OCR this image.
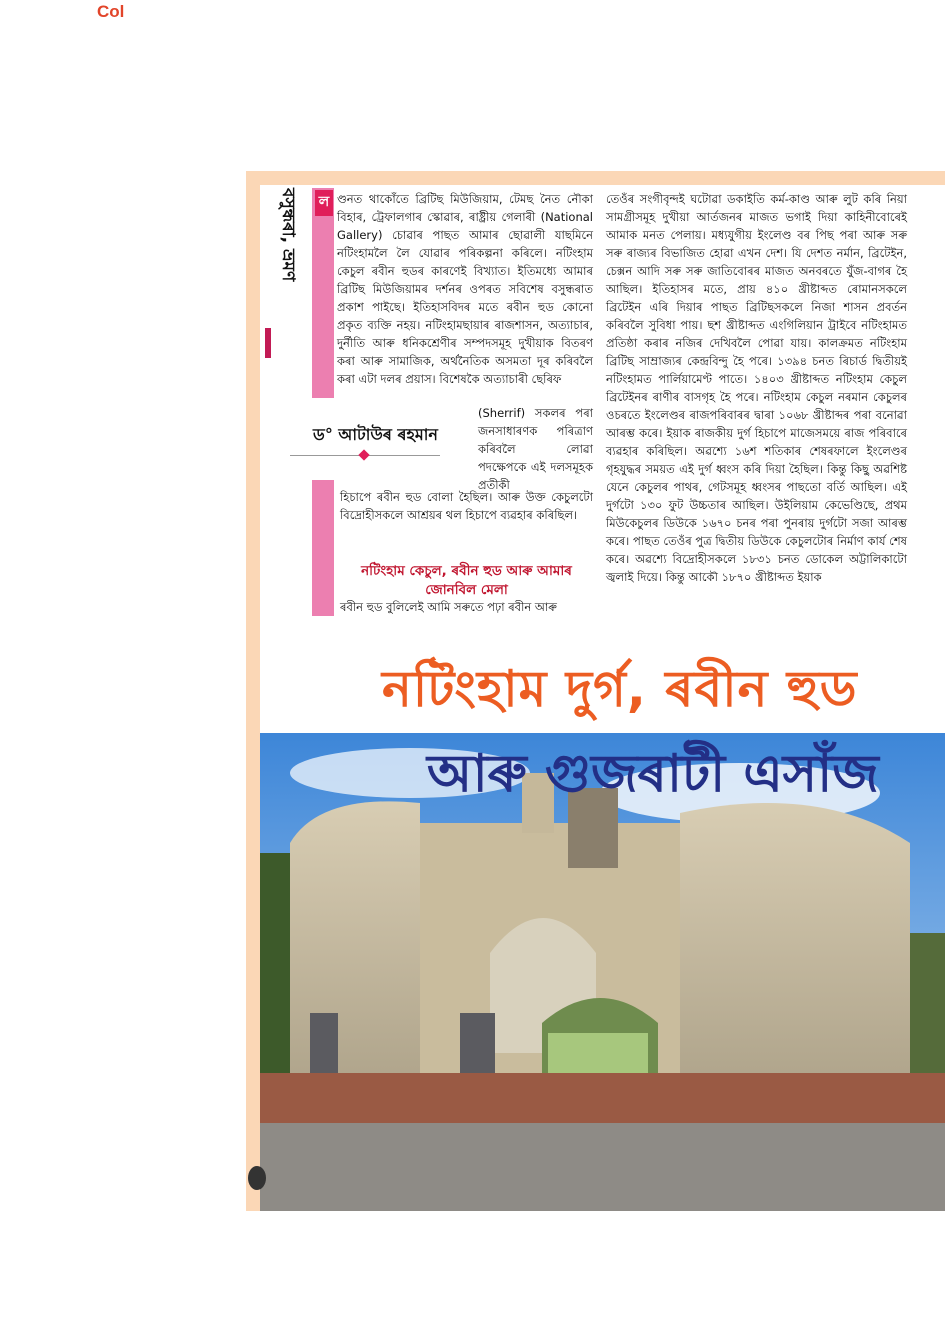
Col
বসুন্ধৰা, ভ্ৰমণ ল ণ্ডনত থাকোঁতে ব্ৰিটিছ মিউজিয়াম, টেমছ নৈত নৌকা বিহাৰ, ট্ৰেফালগাৰ স্কোৱাৰ, ৰাষ্ট্ৰীয় গেলাৰী (National Gallery) চোৱাৰ পাছত আমাৰ ছোৱালী যাছমিনে নটিংহামলৈ লৈ যোৱাৰ পৰিকল্পনা কৰিলে। নটিংহাম কেচুল ৰবীন হুডৰ কাৰণেই বিখ্যাত। ইতিমধ্যে আমাৰ ব্ৰিটিছ মিউজিয়ামৰ দৰ্শনৰ ওপৰত সবিশেষ বসুন্ধৰাত প্ৰকাশ পাইছে। ইতিহাসবিদৰ মতে ৰবীন হুড কোনো প্ৰকৃত ব্যক্তি নহয়। নটিংহামছায়াৰ ৰাজশাসন, অত্যাচাৰ, দুৰ্নীতি আৰু ধনিকশ্ৰেণীৰ সম্পদসমূহ দুখীয়াক বিতৰণ কৰা আৰু সামাজিক, অৰ্থনৈতিক অসমতা দূৰ কৰিবলৈ কৰা এটা দলৰ প্ৰয়াস। বিশেষকৈ অত্যাচাৰী ছেৰিফ
(Sherrif) সকলৰ পৰা জনসাধাৰণক পৰিত্ৰাণ কৰিবলৈ লোৱা পদক্ষেপকে এই দলসমূহক প্ৰতীকী
ড° আটাউৰ ৰহমান
হিচাপে ৰবীন হুড বোলা হৈছিল। আৰু উক্ত কেচুলটো বিদ্ৰোহীসকলে আশ্ৰয়ৰ থল হিচাপে ব্যৱহাৰ কৰিছিল।
নটিংহাম কেচুল, ৰবীন হুড আৰু আমাৰ জোনবিল মেলা
ৰবীন হুড বুলিলেই আমি সৰুতে পঢ়া ৰবীন আৰু
তেওঁৰ সংগীবৃন্দই ঘটোৱা ডকাইতি কৰ্ম-কাণ্ড আৰু লুট কৰি নিয়া সামগ্ৰীসমূহ দুখীয়া আৰ্তজনৰ মাজত ভগাই দিয়া কাহিনীবোৰেই আমাক মনত পেলায়। মধ্যযুগীয় ইংলেণ্ড বৰ পিছ পৰা আৰু সৰু সৰু ৰাজ্যৰ বিভাজিত হোৱা এখন দেশ। যি দেশত নৰ্মান, ব্ৰিটেইন, চেক্সন আদি সৰু সৰু জাতিবোৰৰ মাজত অনবৰতে যুঁজ-বাগৰ হৈ আছিল। ইতিহাসৰ মতে, প্ৰায় ৪১০ খ্ৰীষ্টাব্দত ৰোমানসকলে ব্ৰিটেইন এৰি দিয়াৰ পাছত ব্ৰিটিছসকলে নিজা শাসন প্ৰবৰ্তন কৰিবলৈ সুবিধা পায়। ছশ খ্ৰীষ্টাব্দত এংগিলিয়ান ট্ৰাইবে নটিংহামত প্ৰতিষ্ঠা কৰাৰ নজিৰ দেখিবলৈ পোৱা যায়। কালক্ৰমত নটিংহাম ব্ৰিটিছ সাম্ৰাজ্যৰ কেন্দ্ৰবিন্দু হৈ পৰে। ১৩৯৪ চনত ৰিচাৰ্ড দ্বিতীয়ই নটিংহামত পাৰ্লিয়ামেণ্ট পাতে। ১৪০৩ খ্ৰীষ্টাব্দত নটিংহাম কেচুল ব্ৰিটেইনৰ ৰাণীৰ বাসগৃহ হৈ পৰে। নটিংহাম কেচুল নৰমান কেচুলৰ ওচৰতে ইংলেণ্ডৰ ৰাজপৰিবাৰৰ দ্বাৰা ১০৬৮ খ্ৰীষ্টাব্দৰ পৰা বনোৱা আৰম্ভ কৰে। ইয়াক ৰাজকীয় দুৰ্গ হিচাপে মাজেসময়ে ৰাজ পৰিবাৰে ব্যৱহাৰ কৰিছিল। অৱশ্যে ১৬শ শতিকাৰ শেষৰফালে ইংলেণ্ডৰ গৃহযুদ্ধৰ সময়ত এই দুৰ্গ ধ্বংস কৰি দিয়া হৈছিল। কিন্তু কিছু অৱশিষ্ট যেনে কেচুলৰ পাথৰ, গেটসমূহ ধ্বংসৰ পাছতো বৰ্তি আছিল। এই দুৰ্গটো ১৩০ ফুট উচ্চতাৰ আছিল। উইলিয়াম কেভেণ্ডিছে, প্ৰথম মিউকেচুলৰ ডিউকে ১৬৭০ চনৰ পৰা পুনৰায় দুৰ্গটো সজা আৰম্ভ কৰে। পাছত তেওঁৰ পুত্ৰ দ্বিতীয় ডিউকে কেচুলটোৰ নিৰ্মাণ কাৰ্য শেষ কৰে। অৱশ্যে বিদ্ৰোহীসকলে ১৮৩১ চনত ডোকেল অট্টালিকাটো জ্বলাই দিয়ে। কিন্তু আকৌ ১৮৭০ খ্ৰীষ্টাব্দত ইয়াক
নটিংহাম দুৰ্গ, ৰবীন হুড
আৰু গুজৰাটী এসাঁজ
